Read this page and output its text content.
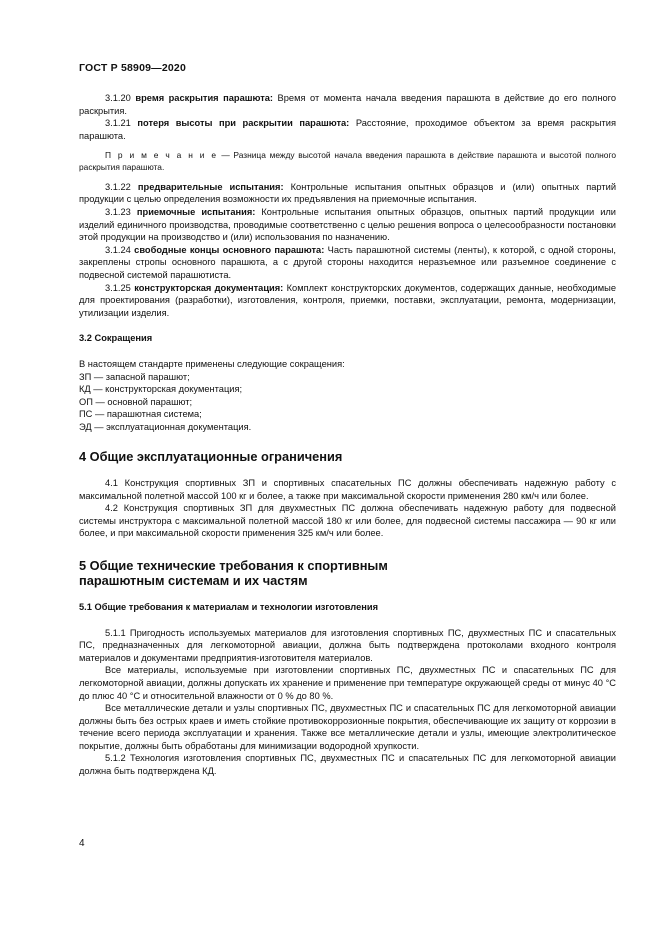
ГОСТ Р 58909—2020

3.1.20 время раскрытия парашюта: Время от момента начала введения парашюта в действие до его полного раскрытия.

3.1.21 потеря высоты при раскрытии парашюта: Расстояние, проходимое объектом за время раскрытия парашюта.

П р и м е ч а н и е — Разница между высотой начала введения парашюта в действие парашюта и высотой полного раскрытия парашюта.

3.1.22 предварительные испытания: Контрольные испытания опытных образцов и (или) опытных партий продукции с целью определения возможности их предъявления на приемочные испытания.

3.1.23 приемочные испытания: Контрольные испытания опытных образцов, опытных партий продукции или изделий единичного производства, проводимые соответственно с целью решения вопроса о целесообразности постановки этой продукции на производство и (или) использования по назначению.

3.1.24 свободные концы основного парашюта: Часть парашютной системы (ленты), к которой, с одной стороны, закреплены стропы основного парашюта, а с другой стороны находится неразъемное или разъемное соединение с подвесной системой парашютиста.

3.1.25 конструкторская документация: Комплект конструкторских документов, содержащих данные, необходимые для проектирования (разработки), изготовления, контроля, приемки, поставки, эксплуатации, ремонта, модернизации, утилизации изделия.

3.2 Сокращения

В настоящем стандарте применены следующие сокращения:

ЗП — запасной парашют;

КД — конструкторская документация;

ОП — основной парашют;

ПС — парашютная система;

ЭД — эксплуатационная документация.

4 Общие эксплуатационные ограничения

4.1 Конструкция спортивных ЗП и спортивных спасательных ПС должны обеспечивать надежную работу с максимальной полетной массой 100 кг и более, а также при максимальной скорости применения 280 км/ч или более.

4.2 Конструкция спортивных ЗП для двухместных ПС должна обеспечивать надежную работу для подвесной системы инструктора с максимальной полетной массой 180 кг или более, для подвесной системы пассажира — 90 кг или более, и при максимальной скорости применения 325 км/ч или более.

5 Общие технические требования к спортивным
парашютным системам и их частям
5.1 Общие требования к материалам и технологии изготовления

5.1.1 Пригодность используемых материалов для изготовления спортивных ПС, двухместных ПС и спасательных ПС, предназначенных для легкомоторной авиации, должна быть подтверждена протоколами входного контроля материалов и документами предприятия-изготовителя материалов.

Все материалы, используемые при изготовлении спортивных ПС, двухместных ПС и спасательных ПС для легкомоторной авиации, должны допускать их хранение и применение при температуре окружающей среды от минус 40 °С до плюс 40 °С и относительной влажности от 0 % до 80 %.

Все металлические детали и узлы спортивных ПС, двухместных ПС и спасательных ПС для легкомоторной авиации должны быть без острых краев и иметь стойкие противокоррозионные покрытия, обеспечивающие их защиту от коррозии в течение всего периода эксплуатации и хранения. Также все металлические детали и узлы, имеющие электролитическое покрытие, должны быть обработаны для минимизации водородной хрупкости.

5.1.2 Технология изготовления спортивных ПС, двухместных ПС и спасательных ПС для легкомоторной авиации должна быть подтверждена КД.

4
